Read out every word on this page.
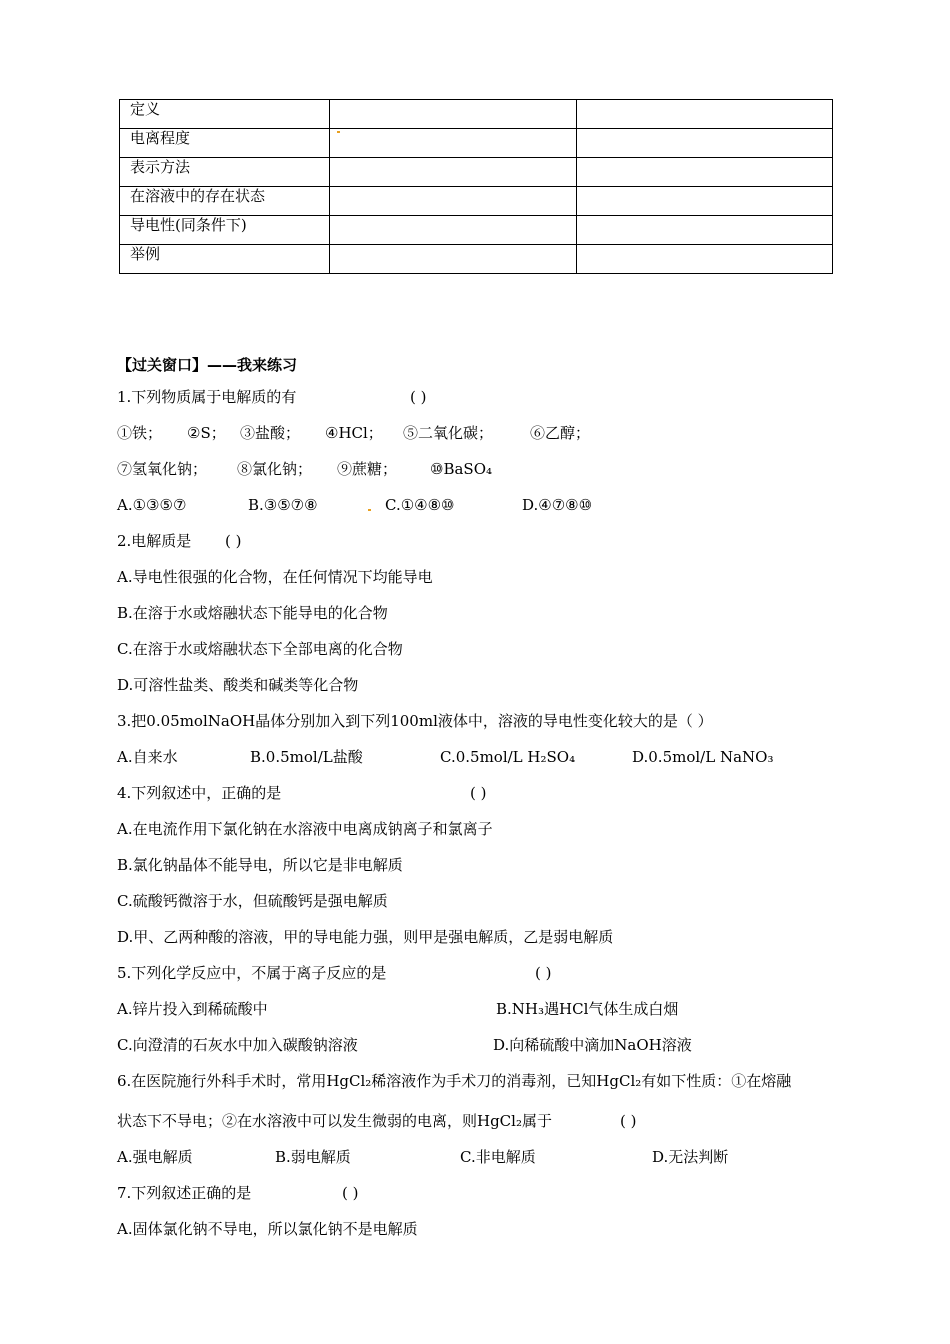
定义		
电离程度		
表示方法		
在溶液中的存在状态		
导电性(同条件下)		
举例		
【过关窗口】——我来练习
1.下列物质属于电解质的有	( )
①铁； ②S； ③盐酸； ④HCl； ⑤二氧化碳； ⑥乙醇；
⑦氢氧化钠； ⑧氯化钠； ⑨蔗糖； ⑩BaSO₄
A.①③⑤⑦	B.③⑤⑦⑧	C.①④⑧⑩	D.④⑦⑧⑩
2.电解质是 ( )
A.导电性很强的化合物，在任何情况下均能导电
B.在溶于水或熔融状态下能导电的化合物
C.在溶于水或熔融状态下全部电离的化合物
D.可溶性盐类、酸类和碱类等化合物
3.把0.05molNaOH晶体分别加入到下列100ml液体中，溶液的导电性变化较大的是（ ）
A.自来水	B.0.5mol/L盐酸	C.0.5mol/L H₂SO₄	D.0.5mol/L NaNO₃
4.下列叙述中，正确的是	( )
A.在电流作用下氯化钠在水溶液中电离成钠离子和氯离子
B.氯化钠晶体不能导电，所以它是非电解质
C.硫酸钙微溶于水，但硫酸钙是强电解质
D.甲、乙两种酸的溶液，甲的导电能力强，则甲是强电解质，乙是弱电解质
5.下列化学反应中，不属于离子反应的是	( )
A.锌片投入到稀硫酸中	B.NH₃遇HCl气体生成白烟
C.向澄清的石灰水中加入碳酸钠溶液	D.向稀硫酸中滴加NaOH溶液
6.在医院施行外科手术时，常用HgCl₂稀溶液作为手术刀的消毒剂，已知HgCl₂有如下性质：①在熔融
状态下不导电；②在水溶液中可以发生微弱的电离，则HgCl₂属于	( )
A.强电解质	B.弱电解质	C.非电解质	D.无法判断
7.下列叙述正确的是	( )
A.固体氯化钠不导电，所以氯化钠不是电解质
